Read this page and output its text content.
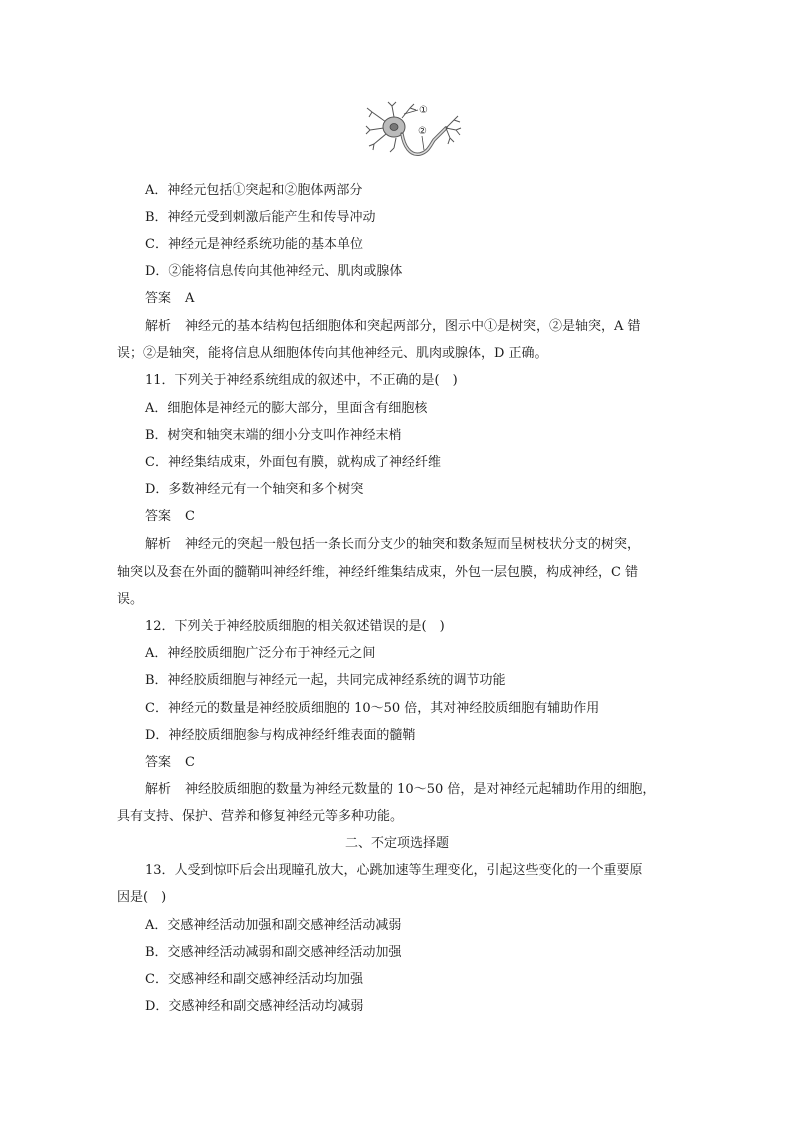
①
②
A．神经元包括①突起和②胞体两部分
B．神经元受到刺激后能产生和传导冲动
C．神经元是神经系统功能的基本单位
D．②能将信息传向其他神经元、肌肉或腺体
答案 A
解析 神经元的基本结构包括细胞体和突起两部分，图示中①是树突，②是轴突，A 错
误；②是轴突，能将信息从细胞体传向其他神经元、肌肉或腺体，D 正确。
11．下列关于神经系统组成的叙述中，不正确的是(　)
A．细胞体是神经元的膨大部分，里面含有细胞核
B．树突和轴突末端的细小分支叫作神经末梢
C．神经集结成束，外面包有膜，就构成了神经纤维
D．多数神经元有一个轴突和多个树突
答案 C
解析 神经元的突起一般包括一条长而分支少的轴突和数条短而呈树枝状分支的树突，
轴突以及套在外面的髓鞘叫神经纤维，神经纤维集结成束，外包一层包膜，构成神经，C 错
误。
12．下列关于神经胶质细胞的相关叙述错误的是(　)
A．神经胶质细胞广泛分布于神经元之间
B．神经胶质细胞与神经元一起，共同完成神经系统的调节功能
C．神经元的数量是神经胶质细胞的 10～50 倍，其对神经胶质细胞有辅助作用
D．神经胶质细胞参与构成神经纤维表面的髓鞘
答案 C
解析 神经胶质细胞的数量为神经元数量的 10～50 倍，是对神经元起辅助作用的细胞，
具有支持、保护、营养和修复神经元等多种功能。
二、不定项选择题
13．人受到惊吓后会出现瞳孔放大，心跳加速等生理变化，引起这些变化的一个重要原
因是(　)
A．交感神经活动加强和副交感神经活动减弱
B．交感神经活动减弱和副交感神经活动加强
C．交感神经和副交感神经活动均加强
D．交感神经和副交感神经活动均减弱
